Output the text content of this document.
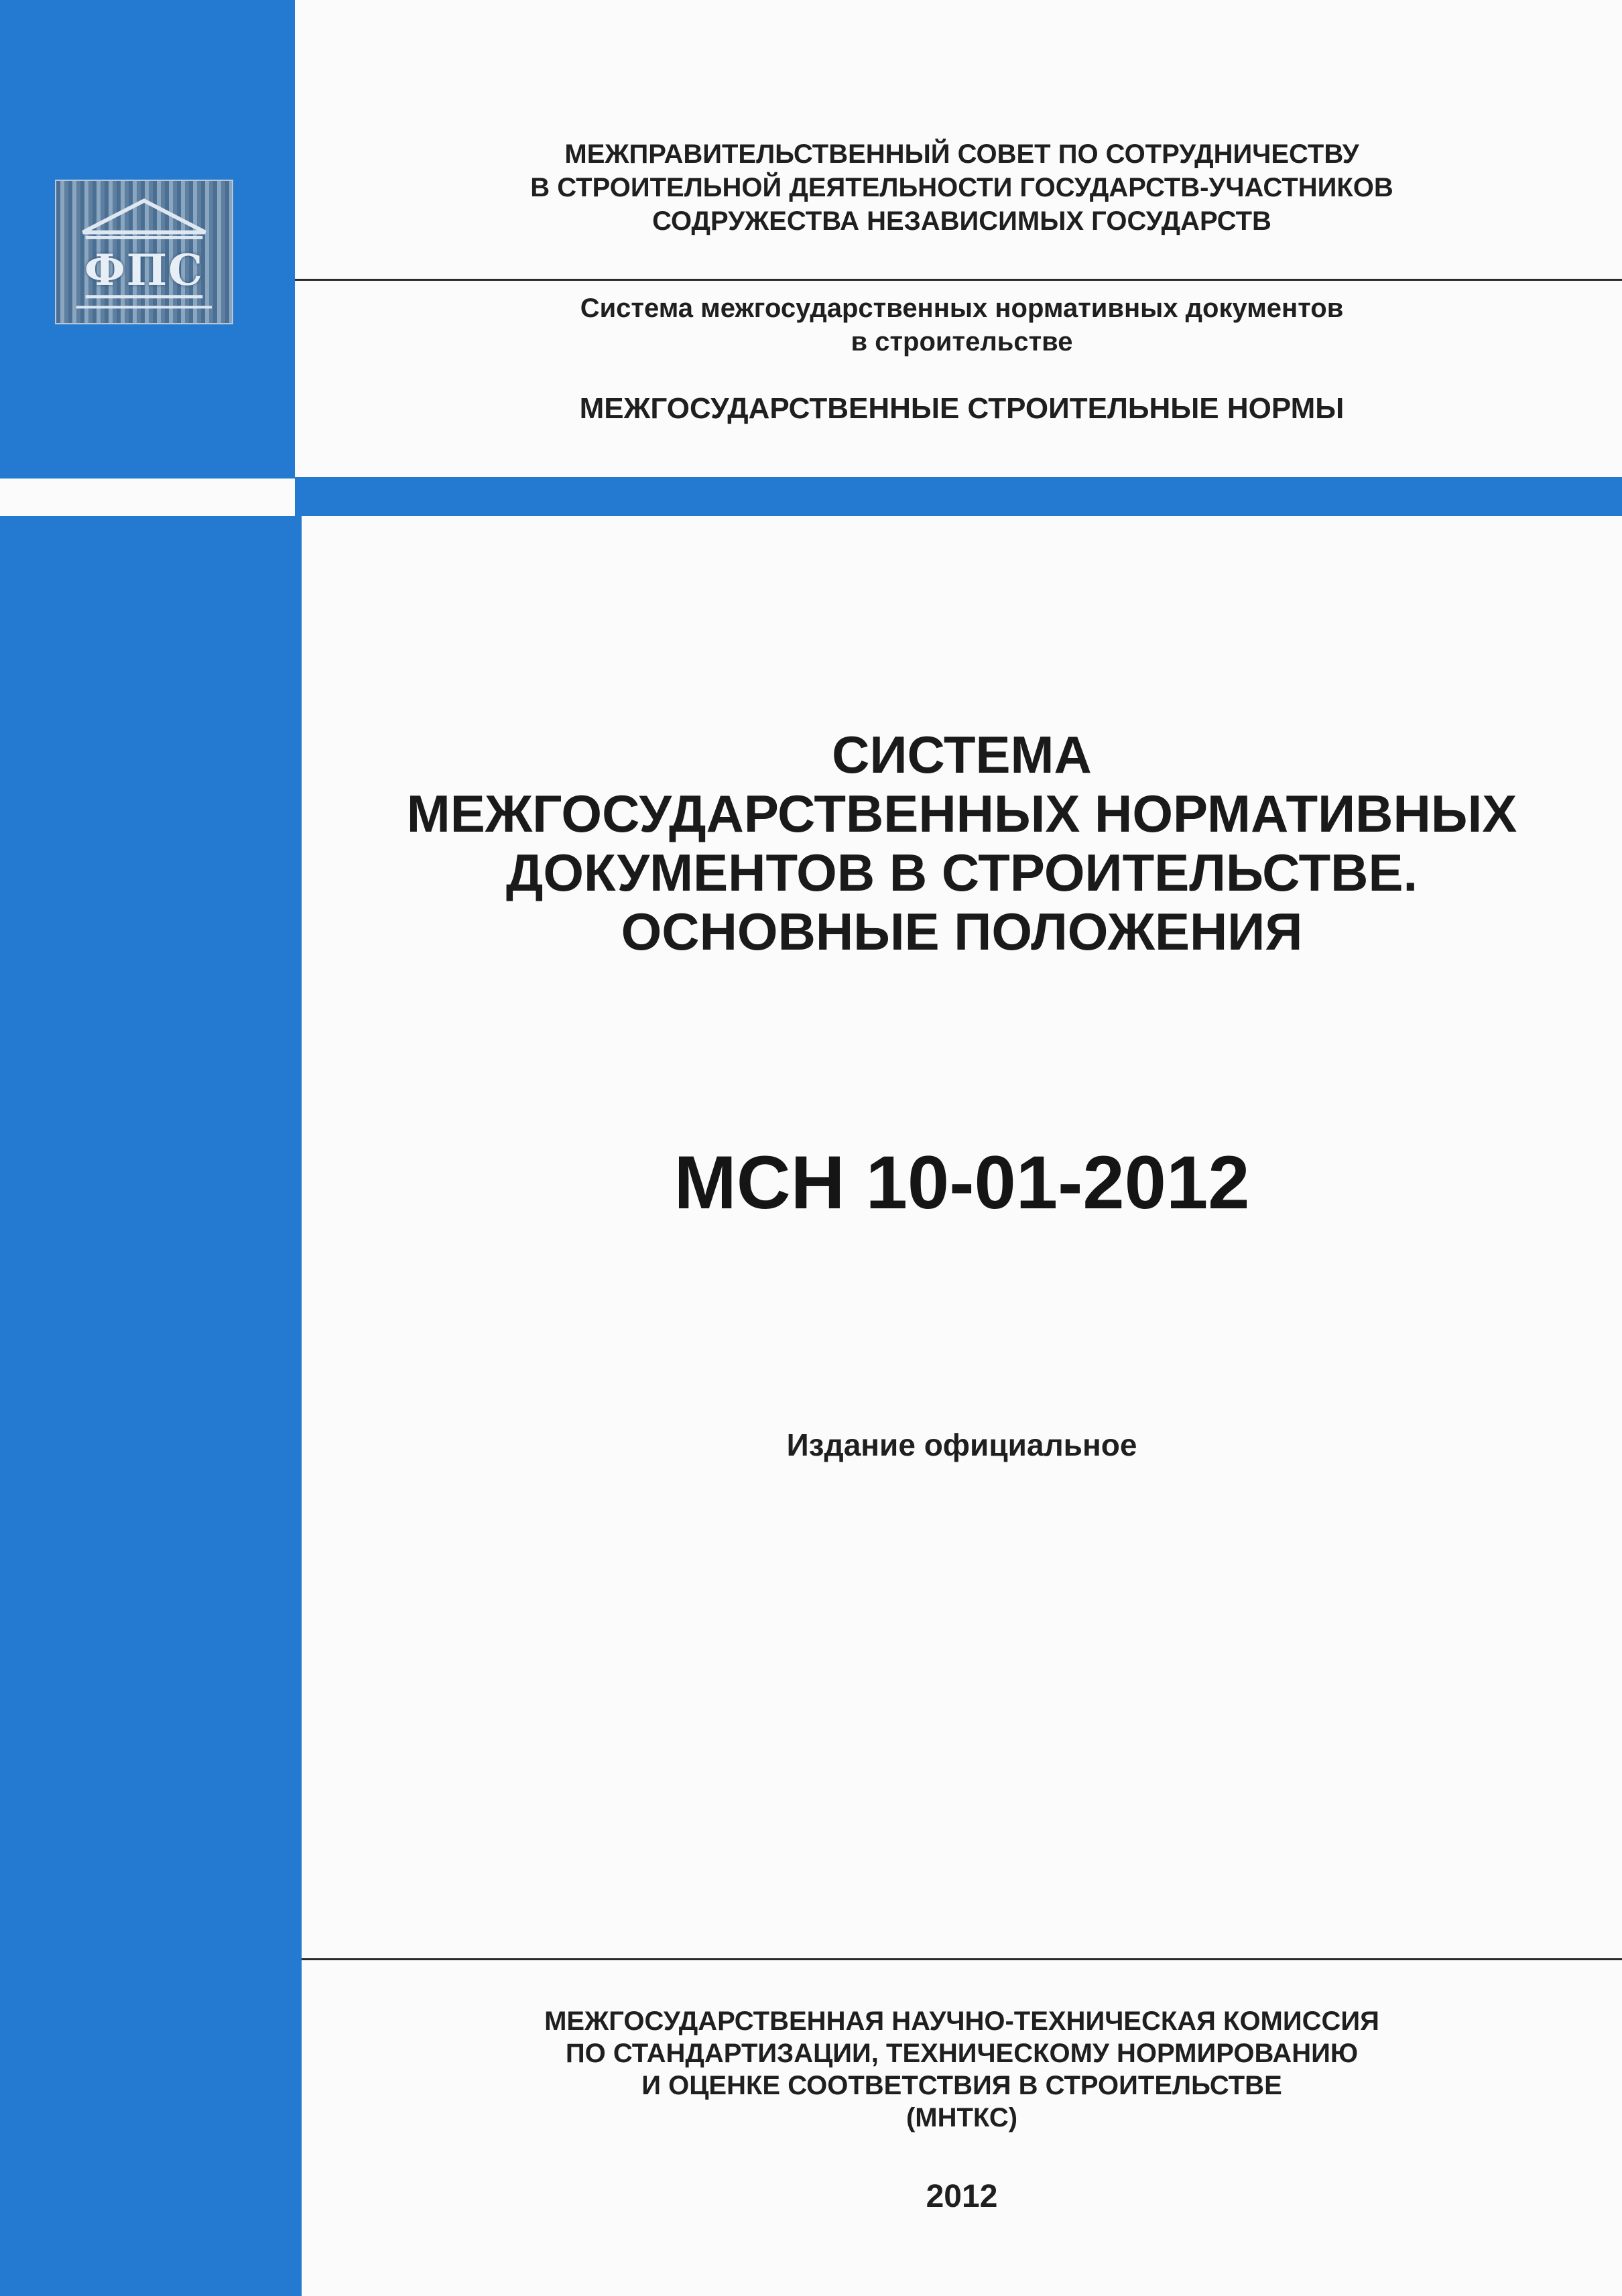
ФПС
МЕЖПРАВИТЕЛЬСТВЕННЫЙ СОВЕТ ПО СОТРУДНИЧЕСТВУ
В СТРОИТЕЛЬНОЙ ДЕЯТЕЛЬНОСТИ ГОСУДАРСТВ-УЧАСТНИКОВ
СОДРУЖЕСТВА НЕЗАВИСИМЫХ ГОСУДАРСТВ
Система межгосударственных нормативных документов
в строительстве
МЕЖГОСУДАРСТВЕННЫЕ СТРОИТЕЛЬНЫЕ НОРМЫ
СИСТЕМА
МЕЖГОСУДАРСТВЕННЫХ НОРМАТИВНЫХ
ДОКУМЕНТОВ В СТРОИТЕЛЬСТВЕ.
ОСНОВНЫЕ ПОЛОЖЕНИЯ
МСН 10-01-2012
Издание официальное
МЕЖГОСУДАРСТВЕННАЯ НАУЧНО-ТЕХНИЧЕСКАЯ КОМИССИЯ
ПО СТАНДАРТИЗАЦИИ, ТЕХНИЧЕСКОМУ НОРМИРОВАНИЮ
И ОЦЕНКЕ СООТВЕТСТВИЯ В СТРОИТЕЛЬСТВЕ
(МНТКС)
2012
